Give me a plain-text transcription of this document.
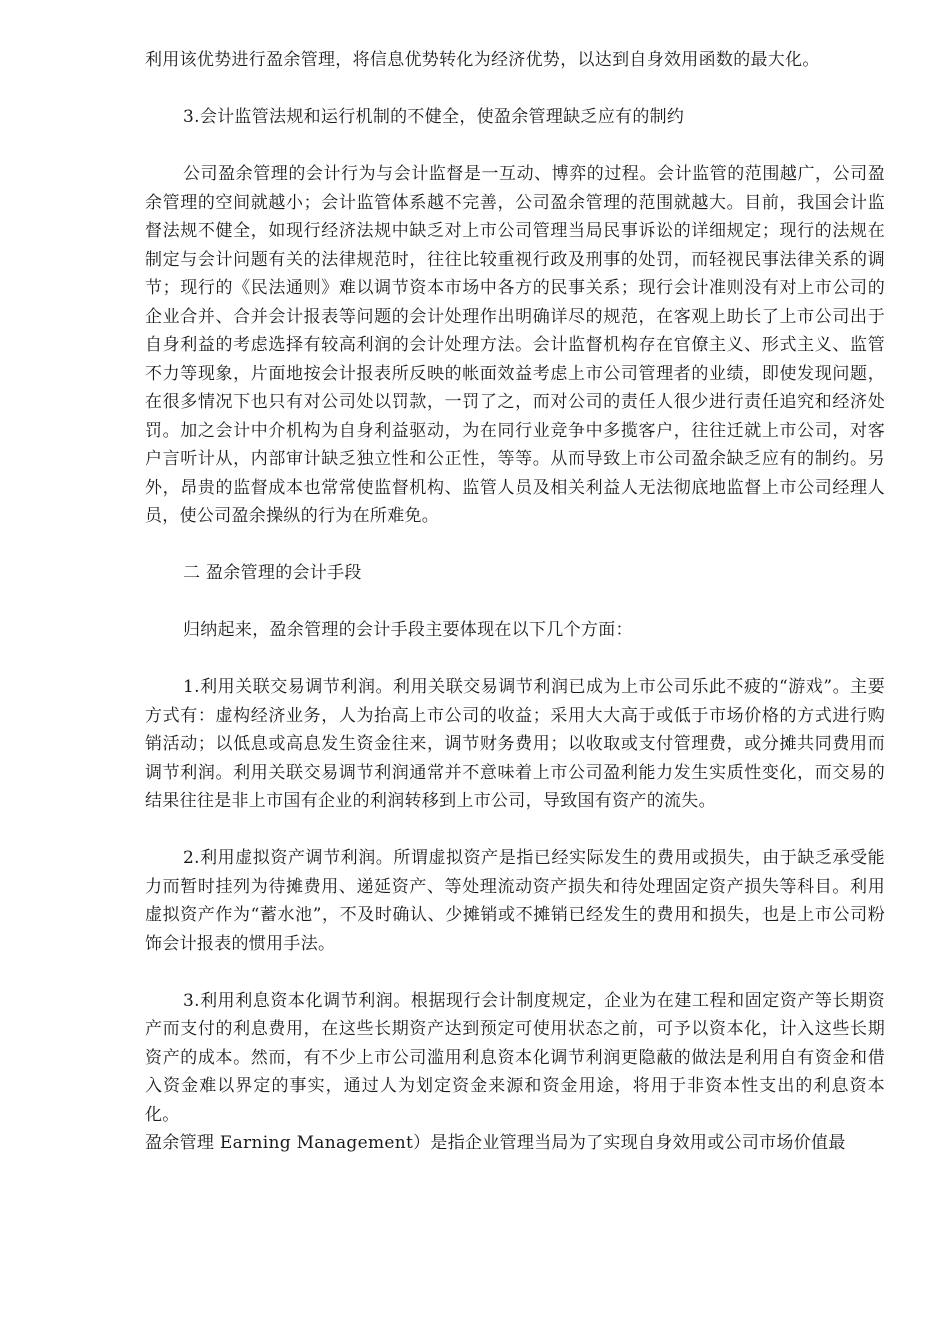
利用该优势进行盈余管理，将信息优势转化为经济优势，以达到自身效用函数的最大化。

3.会计监管法规和运行机制的不健全，使盈余管理缺乏应有的制约

公司盈余管理的会计行为与会计监督是一互动、博弈的过程。会计监管的范围越广，公司盈余管理的空间就越小；会计监管体系越不完善，公司盈余管理的范围就越大。目前，我国会计监督法规不健全，如现行经济法规中缺乏对上市公司管理当局民事诉讼的详细规定；现行的法规在制定与会计问题有关的法律规范时，往往比较重视行政及刑事的处罚，而轻视民事法律关系的调节；现行的《民法通则》难以调节资本市场中各方的民事关系；现行会计准则没有对上市公司的企业合并、合并会计报表等问题的会计处理作出明确详尽的规范，在客观上助长了上市公司出于自身利益的考虑选择有较高利润的会计处理方法。会计监督机构存在官僚主义、形式主义、监管不力等现象，片面地按会计报表所反映的帐面效益考虑上市公司管理者的业绩，即使发现问题，在很多情况下也只有对公司处以罚款，一罚了之，而对公司的责任人很少进行责任追究和经济处罚。加之会计中介机构为自身利益驱动，为在同行业竞争中多揽客户，往往迁就上市公司，对客户言听计从，内部审计缺乏独立性和公正性，等等。从而导致上市公司盈余缺乏应有的制约。另外，昂贵的监督成本也常常使监督机构、监管人员及相关利益人无法彻底地监督上市公司经理人员，使公司盈余操纵的行为在所难免。

二 盈余管理的会计手段

归纳起来，盈余管理的会计手段主要体现在以下几个方面：

1.利用关联交易调节利润。利用关联交易调节利润已成为上市公司乐此不疲的“游戏”。主要方式有：虚构经济业务，人为抬高上市公司的收益；采用大大高于或低于市场价格的方式进行购销活动；以低息或高息发生资金往来，调节财务费用；以收取或支付管理费，或分摊共同费用而调节利润。利用关联交易调节利润通常并不意味着上市公司盈利能力发生实质性变化，而交易的结果往往是非上市国有企业的利润转移到上市公司，导致国有资产的流失。

2.利用虚拟资产调节利润。所谓虚拟资产是指已经实际发生的费用或损失，由于缺乏承受能力而暂时挂列为待摊费用、递延资产、等处理流动资产损失和待处理固定资产损失等科目。利用虚拟资产作为“蓄水池”，不及时确认、少摊销或不摊销已经发生的费用和损失，也是上市公司粉饰会计报表的惯用手法。

3.利用利息资本化调节利润。根据现行会计制度规定，企业为在建工程和固定资产等长期资产而支付的利息费用，在这些长期资产达到预定可使用状态之前，可予以资本化，计入这些长期资产的成本。然而，有不少上市公司滥用利息资本化调节利润更隐蔽的做法是利用自有资金和借入资金难以界定的事实，通过人为划定资金来源和资金用途，将用于非资本性支出的利息资本化。

盈余管理 Earning Management）是指企业管理当局为了实现自身效用或公司市场价值最
